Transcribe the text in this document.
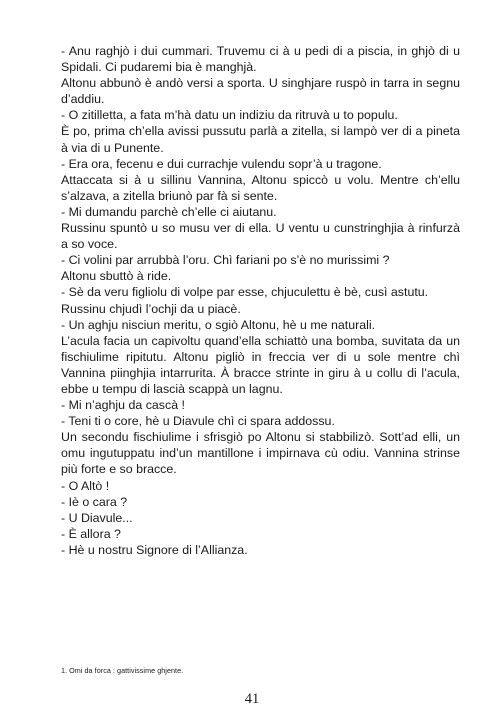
- Anu raghjò i dui cummari. Truvemu ci à u pedi di a piscia, in ghjò di u Spidali. Ci pudaremi bia è manghjà.

Altonu abbunò è andò versi a sporta. U singhjare ruspò in tarra in segnu d’addiu.

- O zitilletta, a fata m’hà datu un indiziu da ritruvà u to populu.

È po, prima ch’ella avissi pussutu parlà a zitella, si lampò ver di a pineta à via di u Punente.

- Era ora, fecenu e dui currachje vulendu sopr’à u tragone.

Attaccata si à u sillinu Vannina, Altonu spiccò u volu. Mentre ch’ellu s’alzava, a zitella briunò par fà si sente.

- Mi dumandu parchè ch’elle ci aiutanu.

Russinu spuntò u so musu ver di ella. U ventu u cunstringhjia à rinfurzà a so voce.

- Ci volini par arrubbà l’oru. Chì fariani po s’è no murissimi ?

Altonu sbuttò à ride.

- Sè da veru figliolu di volpe par esse, chjuculettu è bè, cusì astutu.

Russinu chjudì l’ochji da u piacè.

- Un aghju nisciun meritu, o sgiò Altonu, hè u me naturali.

L’acula facia un capivoltu quand’ella schiattò una bomba, suvitata da un fischiulime ripitutu. Altonu pigliò in freccia ver di u sole mentre chì Vannina piinghjia intarrurita. À bracce strinte in giru à u collu di l’acula, ebbe u tempu di lascià scappà un lagnu.

- Mi n’aghju da cascà !

- Teni ti o core, hè u Diavule chì ci spara addossu.

Un secondu fischiulime i sfrisgiò po Altonu si stabbilizò. Sott’ad elli, un omu ingutuppatu ind’un mantillone i impirnava cù odiu. Vannina strinse più forte e so bracce.

- O Altò !

- Iè o cara ?

- U Diavule...

- È allora ?

- Hè u nostru Signore di l’Allianza.

1. Omi da forca : gattivissime ghjente.
41
